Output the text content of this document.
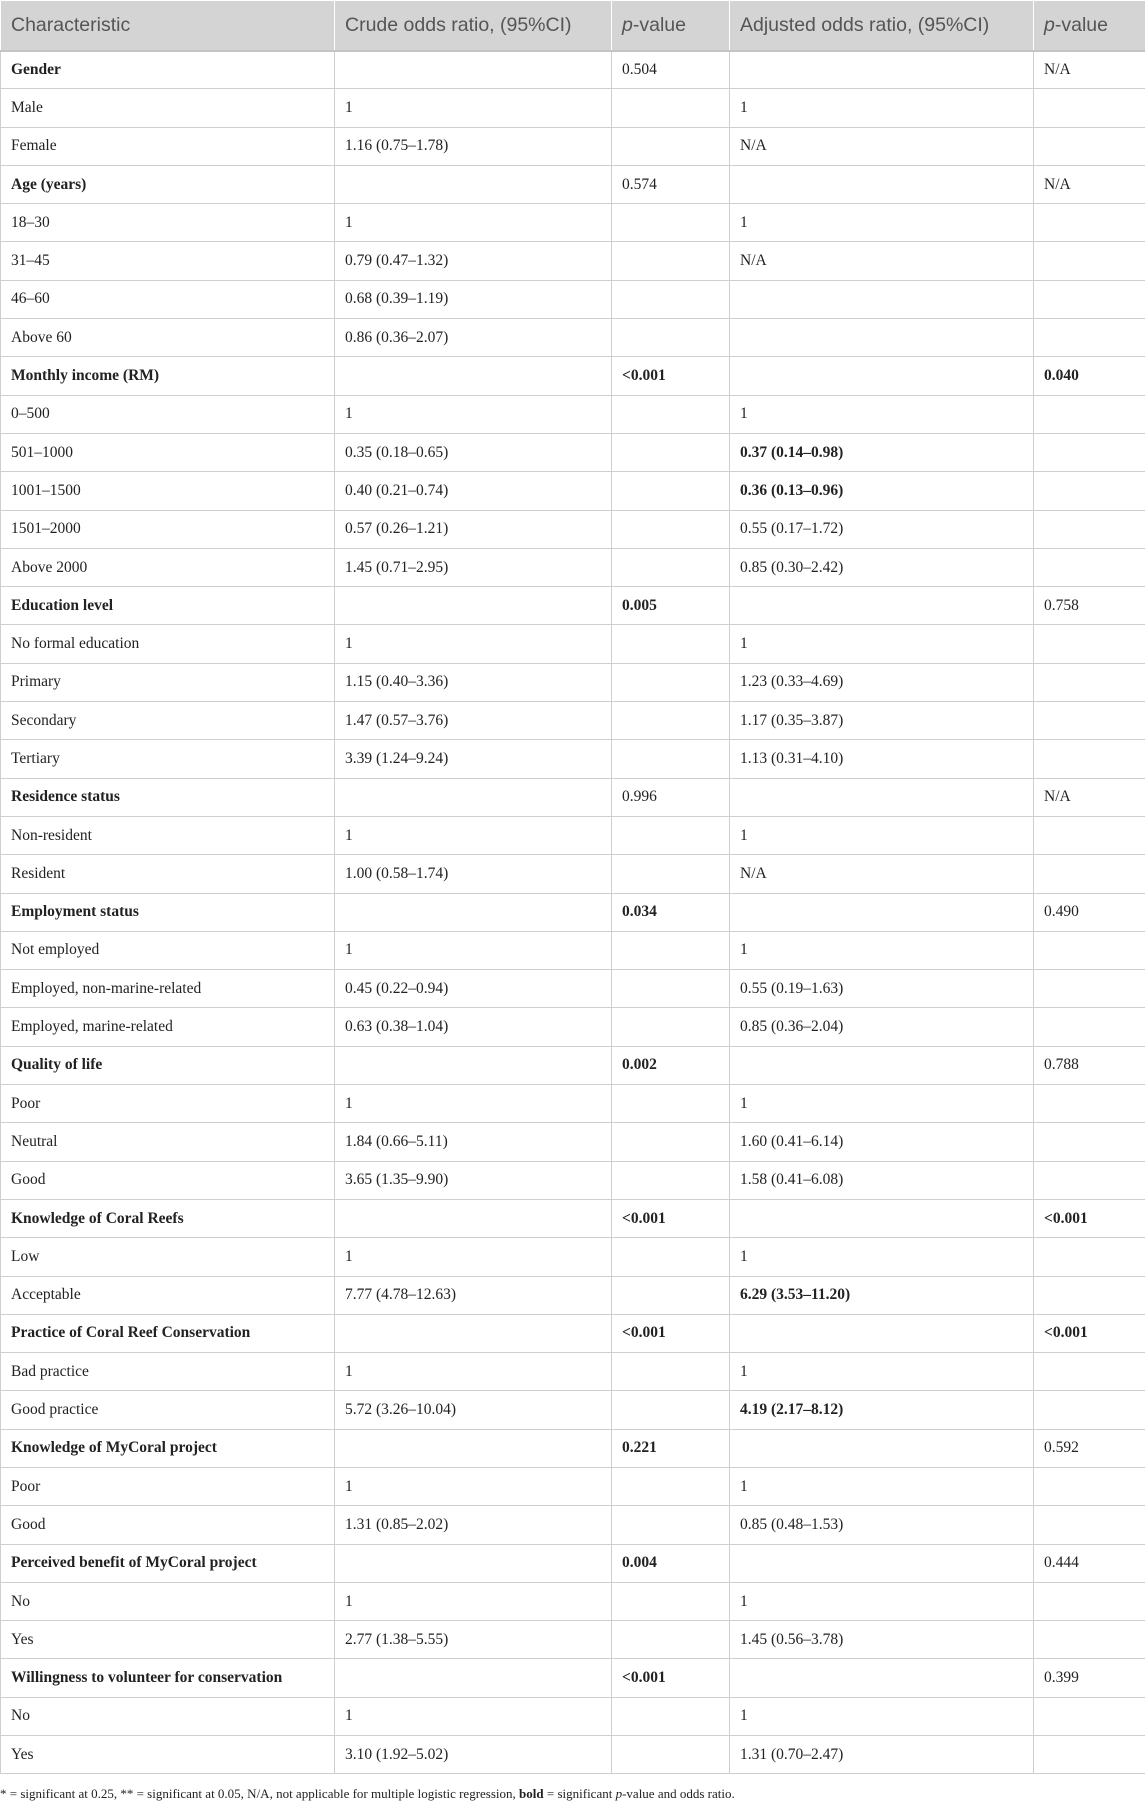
Characteristic	Crude odds ratio, (95%CI)	p-value	Adjusted odds ratio, (95%CI)	p-value
Gender		0.504		N/A
Male	1		1	
Female	1.16 (0.75–1.78)		N/A	
Age (years)		0.574		N/A
18–30	1		1	
31–45	0.79 (0.47–1.32)		N/A	
46–60	0.68 (0.39–1.19)			
Above 60	0.86 (0.36–2.07)			
Monthly income (RM)		<0.001		0.040
0–500	1		1	
501–1000	0.35 (0.18–0.65)		0.37 (0.14–0.98)	
1001–1500	0.40 (0.21–0.74)		0.36 (0.13–0.96)	
1501–2000	0.57 (0.26–1.21)		0.55 (0.17–1.72)	
Above 2000	1.45 (0.71–2.95)		0.85 (0.30–2.42)	
Education level		0.005		0.758
No formal education	1		1	
Primary	1.15 (0.40–3.36)		1.23 (0.33–4.69)	
Secondary	1.47 (0.57–3.76)		1.17 (0.35–3.87)	
Tertiary	3.39 (1.24–9.24)		1.13 (0.31–4.10)	
Residence status		0.996		N/A
Non-resident	1		1	
Resident	1.00 (0.58–1.74)		N/A	
Employment status		0.034		0.490
Not employed	1		1	
Employed, non-marine-related	0.45 (0.22–0.94)		0.55 (0.19–1.63)	
Employed, marine-related	0.63 (0.38–1.04)		0.85 (0.36–2.04)	
Quality of life		0.002		0.788
Poor	1		1	
Neutral	1.84 (0.66–5.11)		1.60 (0.41–6.14)	
Good	3.65 (1.35–9.90)		1.58 (0.41–6.08)	
Knowledge of Coral Reefs		<0.001		<0.001
Low	1		1	
Acceptable	7.77 (4.78–12.63)		6.29 (3.53–11.20)	
Practice of Coral Reef Conservation		<0.001		<0.001
Bad practice	1		1	
Good practice	5.72 (3.26–10.04)		4.19 (2.17–8.12)	
Knowledge of MyCoral project		0.221		0.592
Poor	1		1	
Good	1.31 (0.85–2.02)		0.85 (0.48–1.53)	
Perceived benefit of MyCoral project		0.004		0.444
No	1		1	
Yes	2.77 (1.38–5.55)		1.45 (0.56–3.78)	
Willingness to volunteer for conservation		<0.001		0.399
No	1		1	
Yes	3.10 (1.92–5.02)		1.31 (0.70–2.47)	
* = significant at 0.25, ** = significant at 0.05, N/A, not applicable for multiple logistic regression, bold = significant p-value and odds ratio.
